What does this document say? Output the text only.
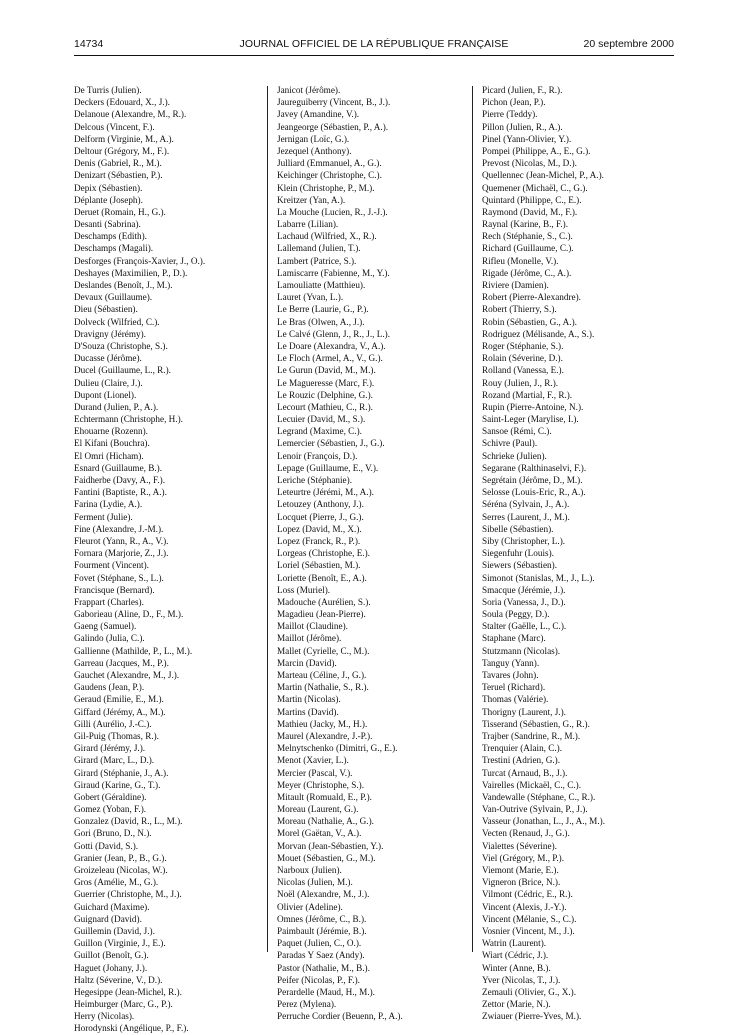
14734	JOURNAL OFFICIEL DE LA RÉPUBLIQUE FRANÇAISE	20 septembre 2000
De Turris (Julien).
Deckers (Edouard, X., J.).
Delanoue (Alexandre, M., R.).
Delcous (Vincent, F.).
Delform (Virginie, M., A.).
Deltour (Grégory, M., F.).
Denis (Gabriel, R., M.).
Denizart (Sébastien, P.).
Depix (Sébastien).
Déplante (Joseph).
Deruet (Romain, H., G.).
Desanti (Sabrina).
Deschamps (Edith).
Deschamps (Magali).
Desforges (François-Xavier, J., O.).
Deshayes (Maximilien, P., D.).
Deslandes (Benoît, J., M.).
Devaux (Guillaume).
Dieu (Sébastien).
Dolveck (Wilfried, C.).
Dravigny (Jérémy).
D'Souza (Christophe, S.).
Ducasse (Jérôme).
Ducel (Guillaume, L., R.).
Dulieu (Claire, J.).
Dupont (Lionel).
Durand (Julien, P., A.).
Echtermann (Christophe, H.).
Ehouarne (Rozenn).
El Kifani (Bouchra).
El Omri (Hicham).
Esnard (Guillaume, B.).
Faidherbe (Davy, A., F.).
Fantini (Baptiste, R., A.).
Farina (Lydie, A.).
Ferment (Julie).
Fine (Alexandre, J.-M.).
Fleurot (Yann, R., A., V.).
Fornara (Marjorie, Z., J.).
Fourment (Vincent).
Fovet (Stéphane, S., L.).
Francisque (Bernard).
Frappart (Charles).
Gaborieau (Aline, D., F., M.).
Gaeng (Samuel).
Galindo (Julia, C.).
Gallienne (Mathilde, P., L., M.).
Garreau (Jacques, M., P.).
Gauchet (Alexandre, M., J.).
Gaudens (Jean, P.).
Geraud (Emilie, E., M.).
Giffard (Jérémy, A., M.).
Gilli (Aurélio, J.-C.).
Gil-Puig (Thomas, R.).
Girard (Jérémy, J.).
Girard (Marc, L., D.).
Girard (Stéphanie, J., A.).
Giraud (Karine, G., T.).
Gobert (Géraldine).
Gomez (Yoban, F.).
Gonzalez (David, R., L., M.).
Gori (Bruno, D., N.).
Gotti (David, S.).
Granier (Jean, P., B., G.).
Groizeleau (Nicolas, W.).
Gros (Amélie, M., G.).
Guerrier (Christophe, M., J.).
Guichard (Maxime).
Guignard (David).
Guillemin (David, J.).
Guillon (Virginie, J., E.).
Guillot (Benoît, G.).
Haguet (Johany, J.).
Haltz (Séverine, V., D.).
Hegesippe (Jean-Michel, R.).
Heimburger (Marc, G., P.).
Herry (Nicolas).
Horodynski (Angélique, P., F.).
Janicot (Jérôme).
Jaureguiberry (Vincent, B., J.).
Javey (Amandine, V.).
Jeangeorge (Sébastien, P., A.).
Jernigan (Loïc, G.).
Jezequel (Anthony).
Julliard (Emmanuel, A., G.).
Keichinger (Christophe, C.).
Klein (Christophe, P., M.).
Kreitzer (Yan, A.).
La Mouche (Lucien, R., J.-J.).
Labarre (Lilian).
Lachaud (Wilfried, X., R.).
Lallemand (Julien, T.).
Lambert (Patrice, S.).
Lamiscarre (Fabienne, M., Y.).
Lamouliatte (Matthieu).
Lauret (Yvan, L.).
Le Berre (Laurie, G., P.).
Le Bras (Olwen, A., J.).
Le Calvé (Glenn, J., R., J., L.).
Le Doare (Alexandra, V., A.).
Le Floch (Armel, A., V., G.).
Le Gurun (David, M., M.).
Le Magueresse (Marc, F.).
Le Rouzic (Delphine, G.).
Lecourt (Mathieu, C., R.).
Lecuier (David, M., S.).
Legrand (Maxime, C.).
Lemercier (Sébastien, J., G.).
Lenoir (François, D.).
Lepage (Guillaume, E., V.).
Leriche (Stéphanie).
Leteurtre (Jérémi, M., A.).
Letouzey (Anthony, J.).
Locquet (Pierre, J., G.).
Lopez (David, M., X.).
Lopez (Franck, R., P.).
Lorgeas (Christophe, E.).
Loriel (Sébastien, M.).
Loriette (Benoît, E., A.).
Loss (Muriel).
Madouche (Aurélien, S.).
Magadieu (Jean-Pierre).
Maillot (Claudine).
Maillot (Jérôme).
Mallet (Cyrielle, C., M.).
Marcin (David).
Marteau (Céline, J., G.).
Martin (Nathalie, S., R.).
Martin (Nicolas).
Martins (David).
Mathieu (Jacky, M., H.).
Maurel (Alexandre, J.-P.).
Melnytschenko (Dimitri, G., E.).
Menot (Xavier, L.).
Mercier (Pascal, V.).
Meyer (Christophe, S.).
Mitault (Romuald, E., P.).
Moreau (Laurent, G.).
Moreau (Nathalie, A., G.).
Morel (Gaëtan, V., A.).
Morvan (Jean-Sébastien, Y.).
Mouet (Sébastien, G., M.).
Narboux (Julien).
Nicolas (Julien, M.).
Noël (Alexandre, M., J.).
Olivier (Adeline).
Omnes (Jérôme, C., B.).
Paimbault (Jérémie, B.).
Paquet (Julien, C., O.).
Paradas Y Saez (Andy).
Pastor (Nathalie, M., B.).
Peifer (Nicolas, P., F.).
Perardelle (Maud, H., M.).
Perez (Mylena).
Perruche Cordier (Beuenn, P., A.).
Picard (Julien, F., R.).
Pichon (Jean, P.).
Pierre (Teddy).
Pillon (Julien, R., A.).
Pinel (Yann-Olivier, Y.).
Pompei (Philippe, A., E., G.).
Prevost (Nicolas, M., D.).
Quellennec (Jean-Michel, P., A.).
Quemener (Michaël, C., G.).
Quintard (Philippe, C., E.).
Raymond (David, M., F.).
Raynal (Karine, B., F.).
Rech (Stéphanie, S., C.).
Richard (Guillaume, C.).
Rifleu (Monelle, V.).
Rigade (Jérôme, C., A.).
Riviere (Damien).
Robert (Pierre-Alexandre).
Robert (Thierry, S.).
Robin (Sébastien, G., A.).
Rodriguez (Mélisande, A., S.).
Roger (Stéphanie, S.).
Rolain (Séverine, D.).
Rolland (Vanessa, E.).
Rouy (Julien, J., R.).
Rozand (Martial, F., R.).
Rupin (Pierre-Antoine, N.).
Saint-Leger (Marylise, I.).
Sansoe (Rémi, C.).
Schivre (Paul).
Schrieke (Julien).
Segarane (Ralthinaselvi, F.).
Segrétain (Jérôme, D., M.).
Selosse (Louis-Eric, R., A.).
Séréna (Sylvain, J., A.).
Serres (Laurent, J., M.).
Sibelle (Sébastien).
Siby (Christopher, L.).
Siegenfuhr (Louis).
Siewers (Sébastien).
Simonot (Stanislas, M., J., L.).
Smacque (Jérémie, J.).
Soria (Vanessa, J., D.).
Soula (Peggy, D.).
Stalter (Gaëlle, L., C.).
Staphane (Marc).
Stutzmann (Nicolas).
Tanguy (Yann).
Tavares (John).
Teruel (Richard).
Thomas (Valérie).
Thorigny (Laurent, J.).
Tisserand (Sébastien, G., R.).
Trajber (Sandrine, R., M.).
Trenquier (Alain, C.).
Trestini (Adrien, G.).
Turcat (Arnaud, B., J.).
Vairelles (Mickaël, C., C.).
Vandewalle (Stéphane, C., R.).
Van-Outrive (Sylvain, P., J.).
Vasseur (Jonathan, L., J., A., M.).
Vecten (Renaud, J., G.).
Vialettes (Séverine).
Viel (Grégory, M., P.).
Viemont (Marie, E.).
Vigneron (Brice, N.).
Vilmont (Cédric, E., R.).
Vincent (Alexis, J.-Y.).
Vincent (Mélanie, S., C.).
Vosnier (Vincent, M., J.).
Watrin (Laurent).
Wiart (Cédric, J.).
Winter (Anne, B.).
Yver (Nicolas, T., J.).
Zemauli (Olivier, G., X.).
Zettor (Marie, N.).
Zwiauer (Pierre-Yves, M.).
